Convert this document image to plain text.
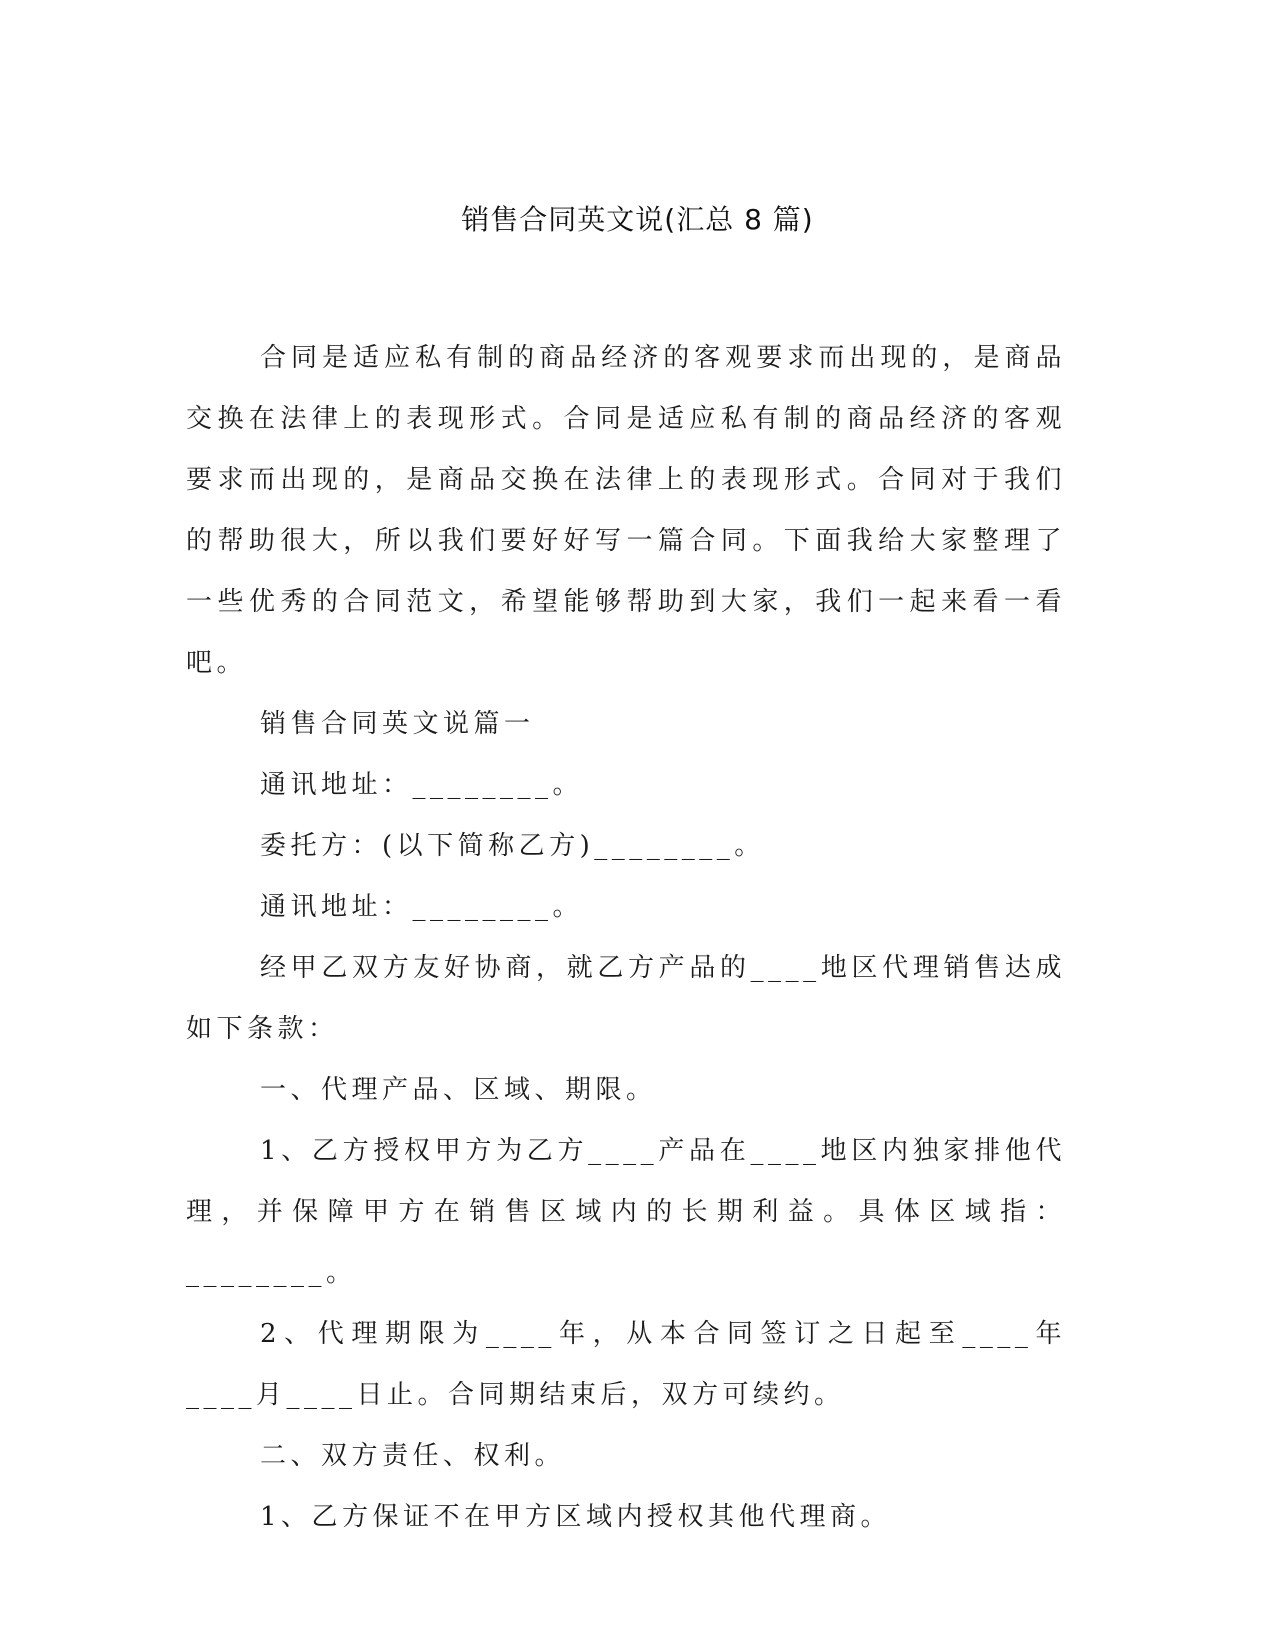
销售合同英文说(汇总 8 篇)

合同是适应私有制的商品经济的客观要求而出现的，是商品交换在法律上的表现形式。合同是适应私有制的商品经济的客观要求而出现的，是商品交换在法律上的表现形式。合同对于我们的帮助很大，所以我们要好好写一篇合同。下面我给大家整理了一些优秀的合同范文，希望能够帮助到大家，我们一起来看一看吧。

销售合同英文说篇一

通讯地址：________。

委托方：(以下简称乙方)________。

通讯地址：________。

经甲乙双方友好协商，就乙方产品的____地区代理销售达成如下条款：

一、代理产品、区域、期限。

1、乙方授权甲方为乙方____产品在____地区内独家排他代理，并保障甲方在销售区域内的长期利益。具体区域指：________。

2、代理期限为____年，从本合同签订之日起至____年____月____日止。合同期结束后，双方可续约。

二、双方责任、权利。

1、乙方保证不在甲方区域内授权其他代理商。
